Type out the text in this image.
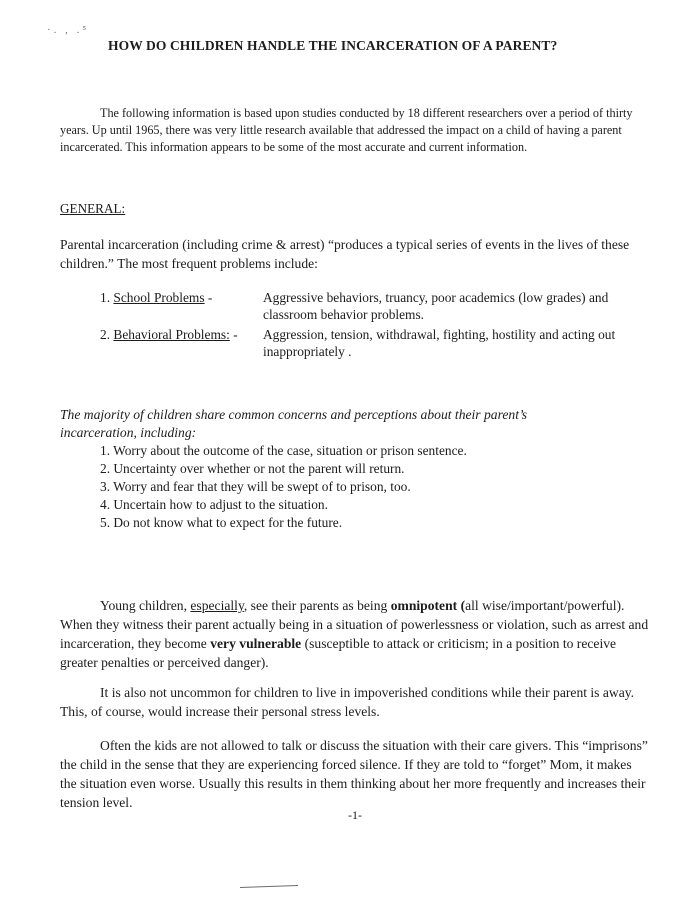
·. , .⁵
HOW DO CHILDREN HANDLE THE INCARCERATION OF A PARENT?

The following information is based upon studies conducted by 18 different researchers over a period of thirty years. Up until 1965, there was very little research available that addressed the impact on a child of having a parent incarcerated. This information appears to be some of the most accurate and current information.

GENERAL:

Parental incarceration (including crime & arrest) “produces a typical series of events in the lives of these children.” The most frequent problems include:

1. School Problems -	Aggressive behaviors, truancy, poor academics (low grades) and classroom behavior problems.
2. Behavioral Problems: - Aggression, tension, withdrawal, fighting, hostility and acting out inappropriately .

The majority of children share common concerns and perceptions about their parent’s incarceration, including:

1. Worry about the outcome of the case, situation or prison sentence.
2. Uncertainty over whether or not the parent will return.
3. Worry and fear that they will be swept of to prison, too.
4. Uncertain how to adjust to the situation.
5. Do not know what to expect for the future.

Young children, especially, see their parents as being omnipotent (all wise/important/powerful). When they witness their parent actually being in a situation of powerlessness or violation, such as arrest and incarceration, they become very vulnerable (susceptible to attack or criticism; in a position to receive greater penalties or perceived danger).

It is also not uncommon for children to live in impoverished conditions while their parent is away. This, of course, would increase their personal stress levels.

Often the kids are not allowed to talk or discuss the situation with their care givers. This “imprisons” the child in the sense that they are experiencing forced silence. If they are told to “forget” Mom, it makes the situation even worse. Usually this results in them thinking about her more frequently and increases their tension level.

-1-
